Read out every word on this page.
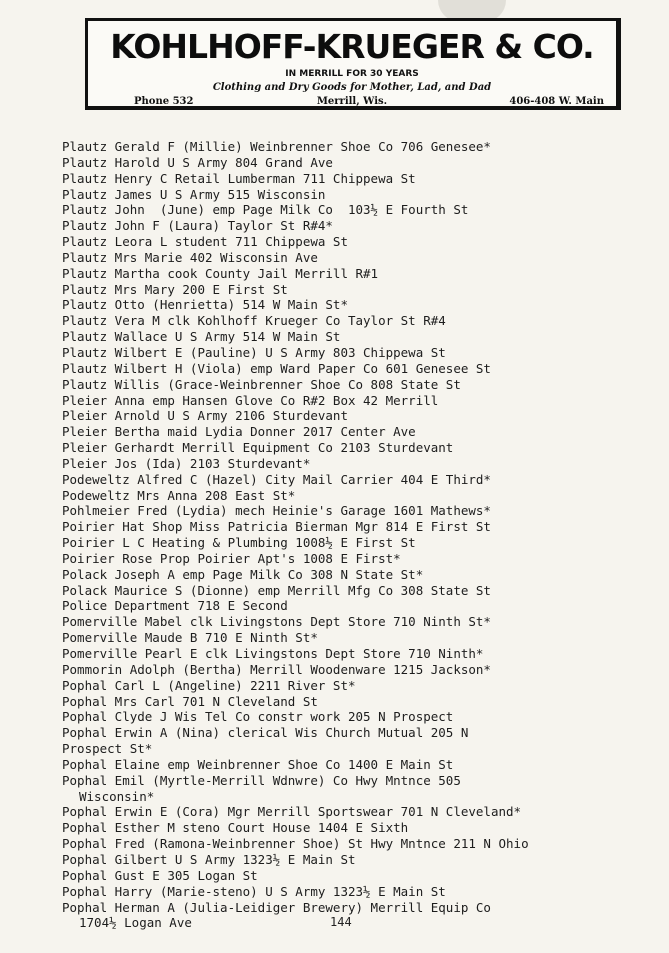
KOHLHOFF-KRUEGER & CO.
IN MERRILL FOR 30 YEARS
Clothing and Dry Goods for Mother, Lad, and Dad
Phone 532	Merrill, Wis.	406-408 W. Main
Plautz Gerald F (Millie) Weinbrenner Shoe Co 706 Genesee*
Plautz Harold U S Army 804 Grand Ave
Plautz Henry C Retail Lumberman 711 Chippewa St
Plautz James U S Army 515 Wisconsin
Plautz John  (June) emp Page Milk Co  103½ E Fourth St
Plautz John F (Laura) Taylor St R#4*
Plautz Leora L student 711 Chippewa St
Plautz Mrs Marie 402 Wisconsin Ave
Plautz Martha cook County Jail Merrill R#1
Plautz Mrs Mary 200 E First St
Plautz Otto (Henrietta) 514 W Main St*
Plautz Vera M clk Kohlhoff Krueger Co Taylor St R#4
Plautz Wallace U S Army 514 W Main St
Plautz Wilbert E (Pauline) U S Army 803 Chippewa St
Plautz Wilbert H (Viola) emp Ward Paper Co 601 Genesee St
Plautz Willis (Grace-Weinbrenner Shoe Co 808 State St
Pleier Anna emp Hansen Glove Co R#2 Box 42 Merrill
Pleier Arnold U S Army 2106 Sturdevant
Pleier Bertha maid Lydia Donner 2017 Center Ave
Pleier Gerhardt Merrill Equipment Co 2103 Sturdevant
Pleier Jos (Ida) 2103 Sturdevant*
Podeweltz Alfred C (Hazel) City Mail Carrier 404 E Third*
Podeweltz Mrs Anna 208 East St*
Pohlmeier Fred (Lydia) mech Heinie's Garage 1601 Mathews*
Poirier Hat Shop Miss Patricia Bierman Mgr 814 E First St
Poirier L C Heating & Plumbing 1008½ E First St
Poirier Rose Prop Poirier Apt's 1008 E First*
Polack Joseph A emp Page Milk Co 308 N State St*
Polack Maurice S (Dionne) emp Merrill Mfg Co 308 State St
Police Department 718 E Second
Pomerville Mabel clk Livingstons Dept Store 710 Ninth St*
Pomerville Maude B 710 E Ninth St*
Pomerville Pearl E clk Livingstons Dept Store 710 Ninth*
Pommorin Adolph (Bertha) Merrill Woodenware 1215 Jackson*
Pophal Carl L (Angeline) 2211 River St*
Pophal Mrs Carl 701 N Cleveland St
Pophal Clyde J Wis Tel Co constr work 205 N Prospect
Pophal Erwin A (Nina) clerical Wis Church Mutual 205 N
Prospect St*
Pophal Elaine emp Weinbrenner Shoe Co 1400 E Main St
Pophal Emil (Myrtle-Merrill Wdnwre) Co Hwy Mntnce 505
Wisconsin*
Pophal Erwin E (Cora) Mgr Merrill Sportswear 701 N Cleveland*
Pophal Esther M steno Court House 1404 E Sixth
Pophal Fred (Ramona-Weinbrenner Shoe) St Hwy Mntnce 211 N Ohio
Pophal Gilbert U S Army 1323½ E Main St
Pophal Gust E 305 Logan St
Pophal Harry (Marie-steno) U S Army 1323½ E Main St
Pophal Herman A (Julia-Leidiger Brewery) Merrill Equip Co
1704½ Logan Ave	144
